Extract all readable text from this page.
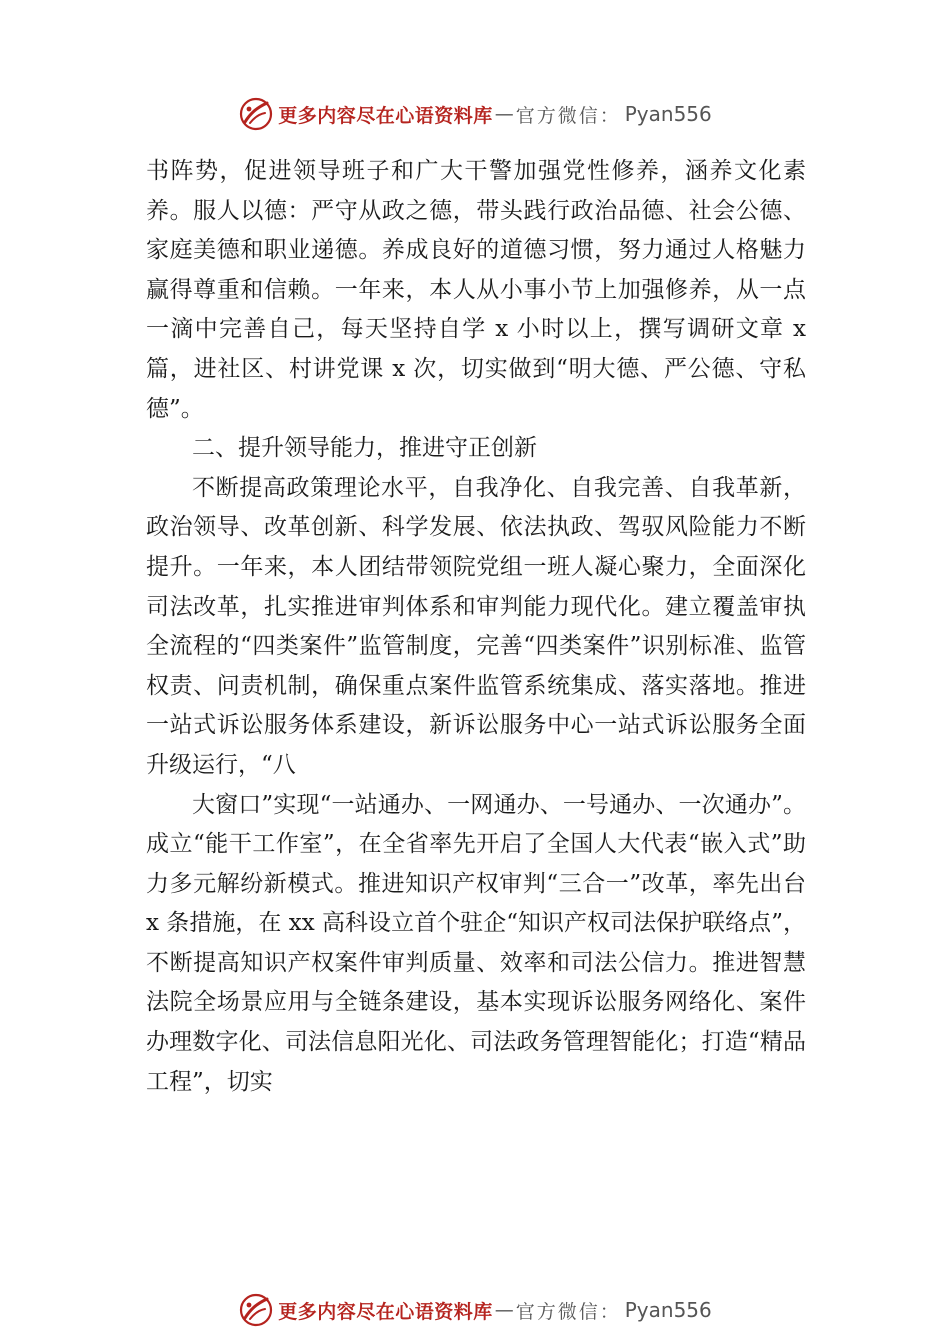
更多内容尽在心语资料库 — 官方微信： Pyan556

书阵势，促进领导班子和广大干警加强党性修养，涵养文化素养。服人以德：严守从政之德，带头践行政治品德、社会公德、家庭美德和职业递德。养成良好的道德习惯，努力通过人格魅力赢得尊重和信赖。一年来，本人从小事小节上加强修养，从一点一滴中完善自己，每天坚持自学 x 小时以上，撰写调研文章 x 篇，进社区、村讲党课 x 次，切实做到“明大德、严公德、守私德”。

二、提升领导能力，推进守正创新

不断提高政策理论水平，自我净化、自我完善、自我革新，政治领导、改革创新、科学发展、依法执政、驾驭风险能力不断提升。一年来，本人团结带领院党组一班人凝心聚力，全面深化司法改革，扎实推进审判体系和审判能力现代化。建立覆盖审执全流程的“四类案件”监管制度，完善“四类案件”识别标准、监管权责、问责机制，确保重点案件监管系统集成、落实落地。推进一站式诉讼服务体系建设，新诉讼服务中心一站式诉讼服务全面升级运行，“八

大窗口”实现“一站通办、一网通办、一号通办、一次通办”。成立“能干工作室”，在全省率先开启了全国人大代表“嵌入式”助力多元解纷新模式。推进知识产权审判“三合一”改革，率先出台 x 条措施，在 xx 高科设立首个驻企“知识产权司法保护联络点”，不断提高知识产权案件审判质量、效率和司法公信力。推进智慧法院全场景应用与全链条建设，基本实现诉讼服务网络化、案件办理数字化、司法信息阳光化、司法政务管理智能化；打造“精品工程”，切实

更多内容尽在心语资料库 — 官方微信： Pyan556
